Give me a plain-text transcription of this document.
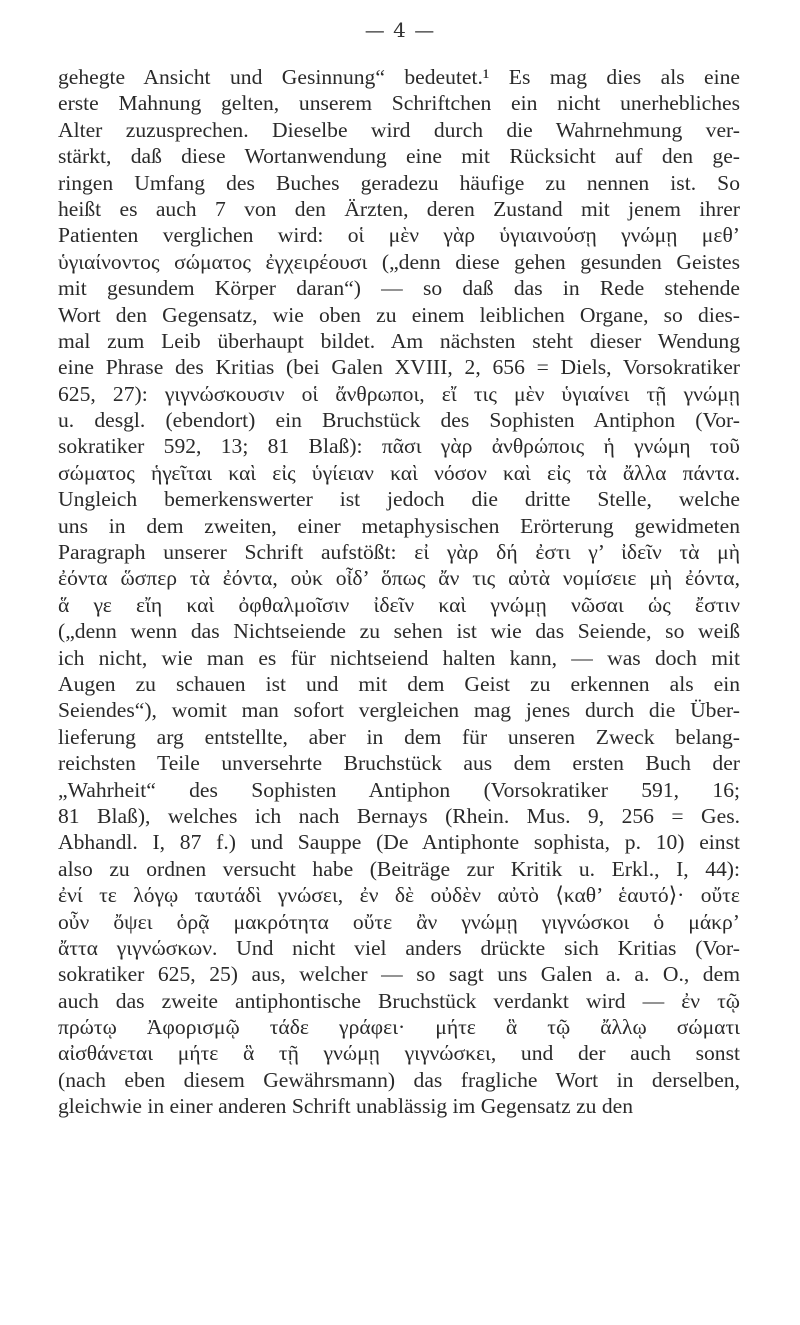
— 4 —
gehegte Ansicht und Gesinnung“ bedeutet.¹ Es mag dies als eine
erste Mahnung gelten, unserem Schriftchen ein nicht unerhebliches
Alter zuzusprechen. Dieselbe wird durch die Wahrnehmung ver-
stärkt, daß diese Wortanwendung eine mit Rücksicht auf den ge-
ringen Umfang des Buches geradezu häufige zu nennen ist. So
heißt es auch 7 von den Ärzten, deren Zustand mit jenem ihrer
Patienten verglichen wird: οἱ μὲν γὰρ ὑγιαινούσῃ γνώμῃ μεθ’
ὑγιαίνοντος σώματος ἐγχειρέουσι („denn diese gehen gesunden Geistes
mit gesundem Körper daran“) — so daß das in Rede stehende
Wort den Gegensatz, wie oben zu einem leiblichen Organe, so dies-
mal zum Leib überhaupt bildet. Am nächsten steht dieser Wendung
eine Phrase des Kritias (bei Galen XVIII, 2, 656 = Diels, Vorsokratiker
625, 27): γιγνώσκουσιν οἱ ἄνθρωποι, εἴ τις μὲν ὑγιαίνει τῇ γνώμῃ
u. desgl. (ebendort) ein Bruchstück des Sophisten Antiphon (Vor-
sokratiker 592, 13; 81 Blaß): πᾶσι γὰρ ἀνθρώποις ἡ γνώμη τοῦ
σώματος ἡγεῖται καὶ εἰς ὑγίειαν καὶ νόσον καὶ εἰς τὰ ἄλλα πάντα.
Ungleich bemerkenswerter ist jedoch die dritte Stelle, welche
uns in dem zweiten, einer metaphysischen Erörterung gewidmeten
Paragraph unserer Schrift aufstößt: εἰ γὰρ δή ἐστι γ’ ἰδεῖν τὰ μὴ
ἐόντα ὥσπερ τὰ ἐόντα, οὐκ οἶδ’ ὅπως ἄν τις αὐτὰ νομίσειε μὴ ἐόντα,
ἅ γε εἴη καὶ ὀφθαλμοῖσιν ἰδεῖν καὶ γνώμῃ νῶσαι ὡς ἔστιν
(„denn wenn das Nichtseiende zu sehen ist wie das Seiende, so weiß
ich nicht, wie man es für nichtseiend halten kann, — was doch mit
Augen zu schauen ist und mit dem Geist zu erkennen als ein
Seiendes“), womit man sofort vergleichen mag jenes durch die Über-
lieferung arg entstellte, aber in dem für unseren Zweck belang-
reichsten Teile unversehrte Bruchstück aus dem ersten Buch der
„Wahrheit“ des Sophisten Antiphon (Vorsokratiker 591, 16;
81 Blaß), welches ich nach Bernays (Rhein. Mus. 9, 256 = Ges.
Abhandl. I, 87 f.) und Sauppe (De Antiphonte sophista, p. 10) einst
also zu ordnen versucht habe (Beiträge zur Kritik u. Erkl., I, 44):
ἐνί τε λόγῳ ταυτάδὶ γνώσει, ἐν δὲ οὐδὲν αὐτὸ ⟨καθ’ ἑαυτό⟩· οὔτε
οὖν ὄψει ὁρᾷ μακρότητα οὔτε ἂν γνώμῃ γιγνώσκοι ὁ μάκρ’
ἄττα γιγνώσκων. Und nicht viel anders drückte sich Kritias (Vor-
sokratiker 625, 25) aus, welcher — so sagt uns Galen a. a. O., dem
auch das zweite antiphontische Bruchstück verdankt wird — ἐν τῷ
πρώτῳ Ἀφορισμῷ τάδε γράφει· μήτε ἃ τῷ ἄλλῳ σώματι
αἰσθάνεται μήτε ἃ τῇ γνώμῃ γιγνώσκει, und der auch sonst
(nach eben diesem Gewährsmann) das fragliche Wort in derselben,
gleichwie in einer anderen Schrift unablässig im Gegensatz zu den
